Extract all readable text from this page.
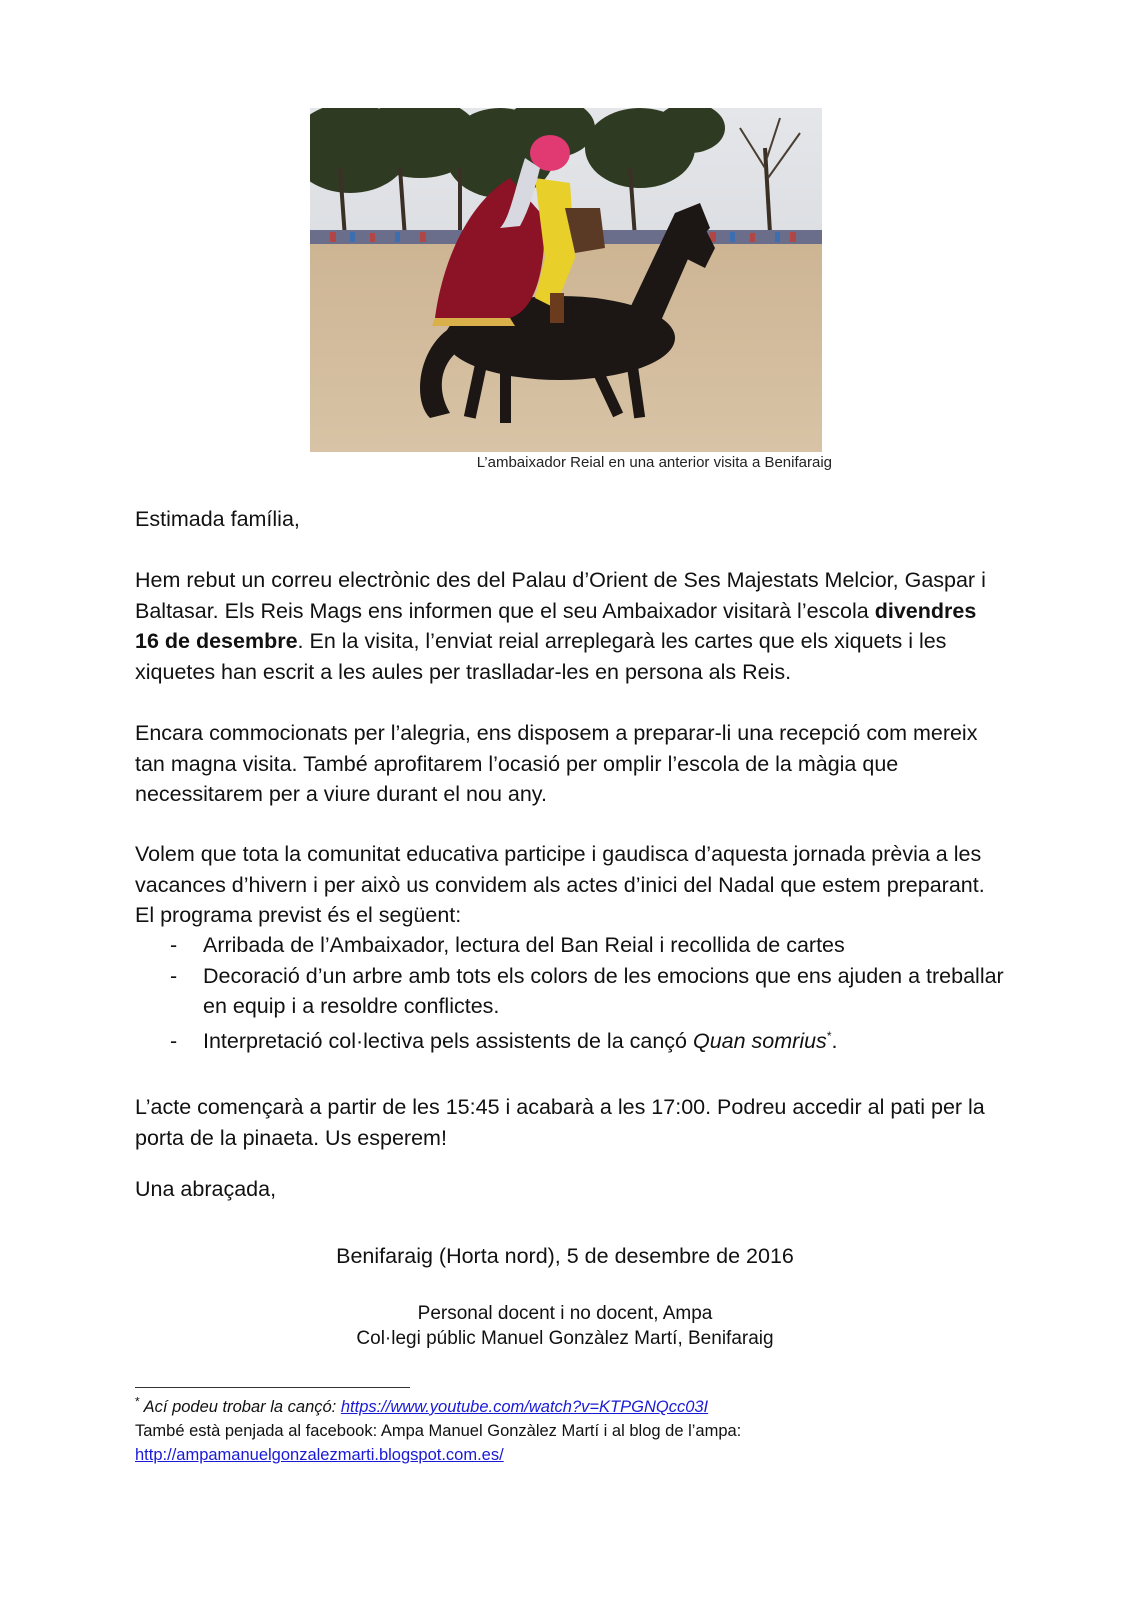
L’ambaixador Reial en una anterior visita a Benifaraig

Estimada família,

Hem rebut un correu electrònic des del Palau d’Orient de Ses Majestats Melcior, Gaspar i Baltasar. Els Reis Mags ens informen que el seu Ambaixador visitarà l’escola divendres 16 de desembre. En la visita, l’enviat reial arreplegarà les cartes que els xiquets i les xiquetes han escrit a les aules per traslladar-les en persona als Reis.

Encara commocionats per l’alegria, ens disposem a preparar-li una recepció com mereix tan magna visita. També aprofitarem l’ocasió per omplir l’escola de la màgia que necessitarem per a viure durant el nou any.

Volem que tota la comunitat educativa participe i gaudisca d’aquesta jornada prèvia a les vacances d’hivern i per això us convidem als actes d’inici del Nadal que estem preparant. El programa previst és el següent:

- Arribada de l’Ambaixador, lectura del Ban Reial i recollida de cartes
- Decoració d’un arbre amb tots els colors de les emocions que ens ajuden a treballar en equip i a resoldre conflictes.
- Interpretació col·lectiva pels assistents de la cançó Quan somrius*.

L’acte començarà a partir de les 15:45 i acabarà a les 17:00. Podreu accedir al pati per la porta de la pinaeta. Us esperem!

Una abraçada,

Benifaraig (Horta nord), 5 de desembre de 2016
Personal docent i no docent, Ampa
Col·legi públic Manuel Gonzàlez Martí, Benifaraig

* Ací podeu trobar la cançó: https://www.youtube.com/watch?v=KTPGNQcc03I

També està penjada al facebook: Ampa Manuel Gonzàlez Martí i al blog de l’ampa:

http://ampamanuelgonzalezmarti.blogspot.com.es/
